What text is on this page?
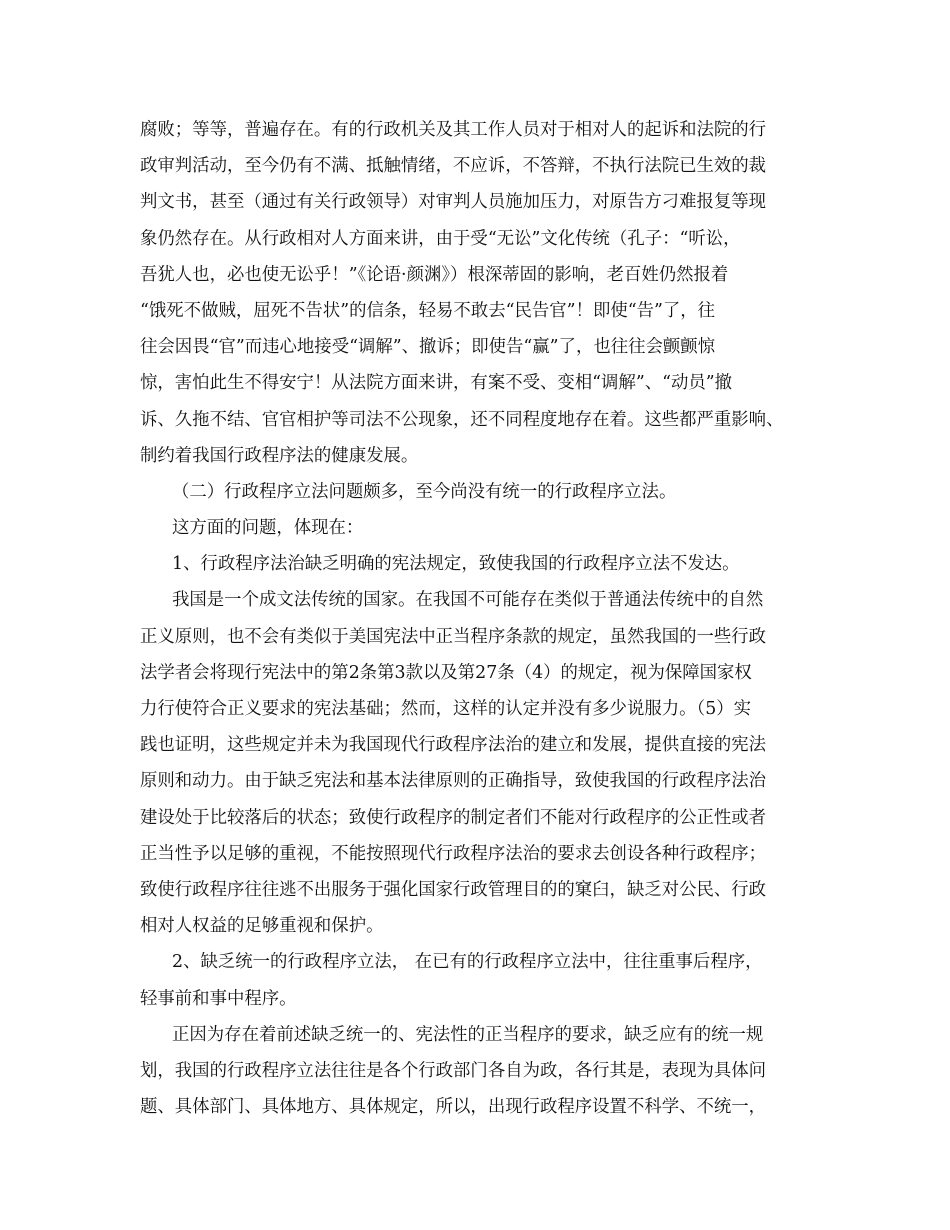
腐败；等等，普遍存在。有的行政机关及其工作人员对于相对人的起诉和法院的行
政审判活动，至今仍有不满、抵触情绪，不应诉，不答辩，不执行法院已生效的裁
判文书，甚至（通过有关行政领导）对审判人员施加压力，对原告方刁难报复等现
象仍然存在。从行政相对人方面来讲，由于受“无讼”文化传统（孔子：“听讼，
吾犹人也，必也使无讼乎！”《论语·颜渊》）根深蒂固的影响，老百姓仍然报着
“饿死不做贼，屈死不告状”的信条，轻易不敢去“民告官”！即使“告”了，往
往会因畏“官”而违心地接受“调解”、撤诉；即使告“赢”了，也往往会颤颤惊
惊，害怕此生不得安宁！从法院方面来讲，有案不受、变相“调解”、“动员”撤
诉、久拖不结、官官相护等司法不公现象，还不同程度地存在着。这些都严重影响、
制约着我国行政程序法的健康发展。
（二）行政程序立法问题颇多，至今尚没有统一的行政程序立法。
这方面的问题，体现在：
1、行政程序法治缺乏明确的宪法规定，致使我国的行政程序立法不发达。
我国是一个成文法传统的国家。在我国不可能存在类似于普通法传统中的自然
正义原则，也不会有类似于美国宪法中正当程序条款的规定，虽然我国的一些行政
法学者会将现行宪法中的第2条第3款以及第27条（4）的规定，视为保障国家权
力行使符合正义要求的宪法基础；然而，这样的认定并没有多少说服力。（5）实
践也证明，这些规定并未为我国现代行政程序法治的建立和发展，提供直接的宪法
原则和动力。由于缺乏宪法和基本法律原则的正确指导，致使我国的行政程序法治
建设处于比较落后的状态；致使行政程序的制定者们不能对行政程序的公正性或者
正当性予以足够的重视，不能按照现代行政程序法治的要求去创设各种行政程序；
致使行政程序往往逃不出服务于强化国家行政管理目的的窠臼，缺乏对公民、行政
相对人权益的足够重视和保护。
2、缺乏统一的行政程序立法， 在已有的行政程序立法中，往往重事后程序，
轻事前和事中程序。
正因为存在着前述缺乏统一的、宪法性的正当程序的要求，缺乏应有的统一规
划，我国的行政程序立法往往是各个行政部门各自为政，各行其是，表现为具体问
题、具体部门、具体地方、具体规定，所以，出现行政程序设置不科学、不统一，
